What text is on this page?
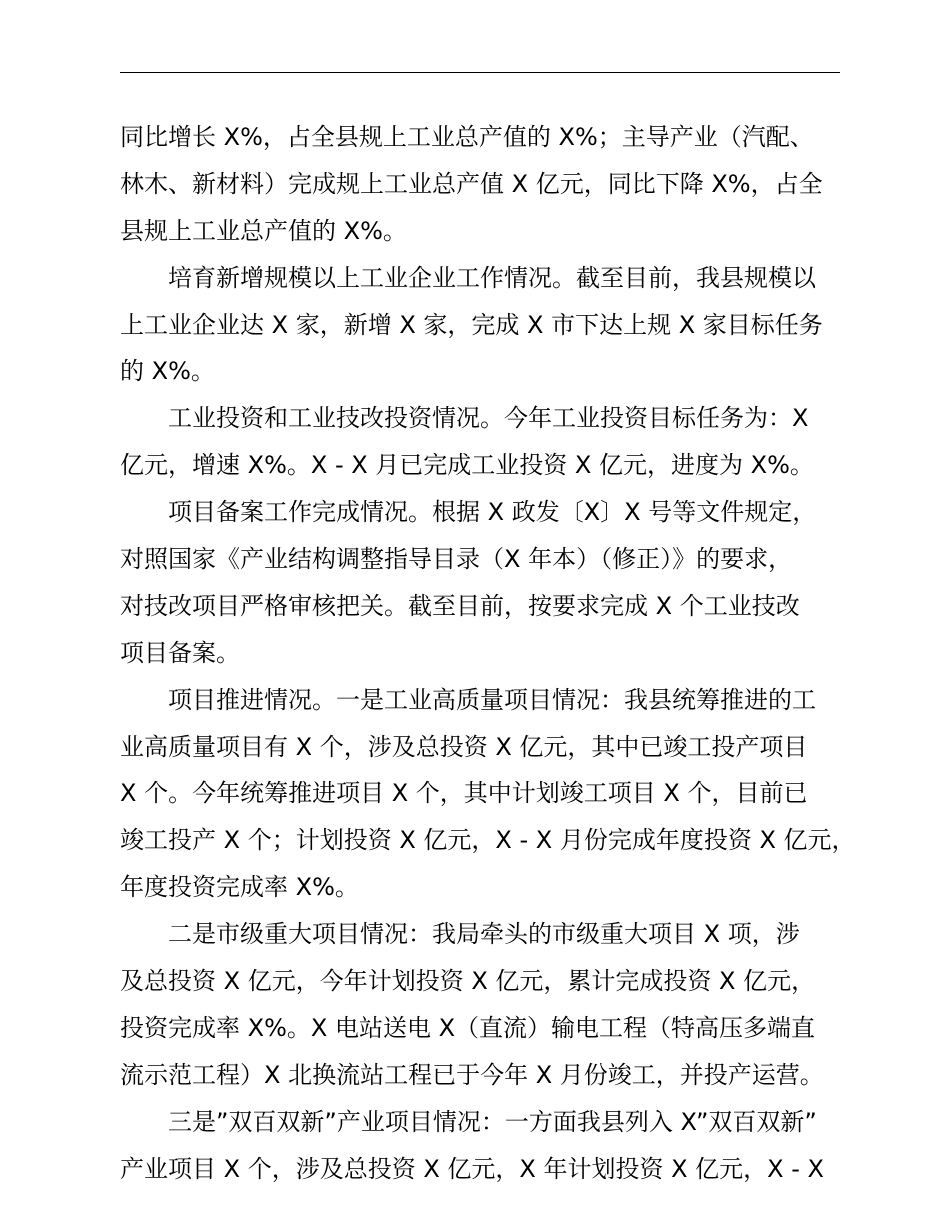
同比增长 X%，占全县规上工业总产值的 X%；主导产业（汽配、
林木、新材料）完成规上工业总产值 X 亿元，同比下降 X%，占全
县规上工业总产值的 X%。
培育新增规模以上工业企业工作情况。截至目前，我县规模以
上工业企业达 X 家，新增 X 家，完成 X 市下达上规 X 家目标任务
的 X%。
工业投资和工业技改投资情况。今年工业投资目标任务为：X
亿元，增速 X%。X - X 月已完成工业投资 X 亿元，进度为 X%。
项目备案工作完成情况。根据 X 政发〔X〕X 号等文件规定，
对照国家《产业结构调整指导目录（X 年本）（修正）》的要求，
对技改项目严格审核把关。截至目前，按要求完成 X 个工业技改
项目备案。
项目推进情况。一是工业高质量项目情况：我县统筹推进的工
业高质量项目有 X 个，涉及总投资 X 亿元，其中已竣工投产项目
X 个。今年统筹推进项目 X 个，其中计划竣工项目 X 个，目前已
竣工投产 X 个；计划投资 X 亿元，X - X 月份完成年度投资 X 亿元，
年度投资完成率 X%。
二是市级重大项目情况：我局牵头的市级重大项目 X 项，涉
及总投资 X 亿元，今年计划投资 X 亿元，累计完成投资 X 亿元，
投资完成率 X%。X 电站送电 X（直流）输电工程（特高压多端直
流示范工程）X 北换流站工程已于今年 X 月份竣工，并投产运营。
三是”双百双新”产业项目情况：一方面我县列入 X”双百双新”
产业项目 X 个，涉及总投资 X 亿元，X 年计划投资 X 亿元，X - X
